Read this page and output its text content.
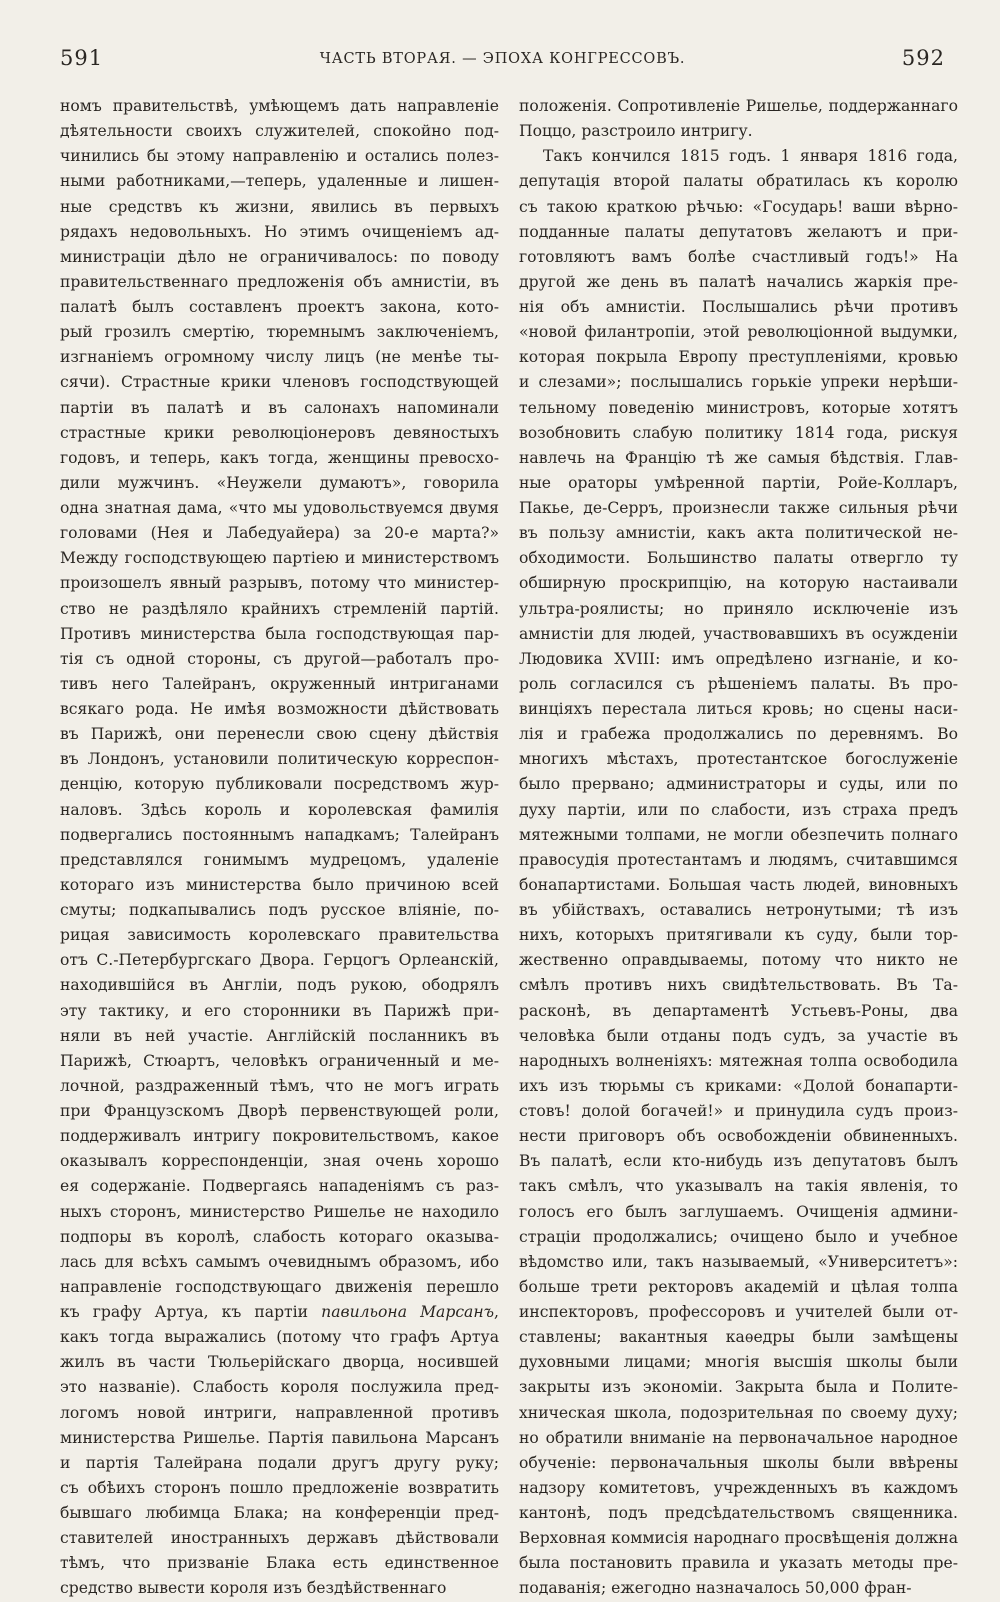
591	ЧАСТЬ ВТОРАЯ. — ЭПОХА КОНГРЕССОВЪ.	592
номъ правительствѣ, умѣющемъ дать направленіе
дѣятельности своихъ служителей, спокойно под-
чинились бы этому направленію и остались полез-
ными работниками,—теперь, удаленные и лишен-
ные средствъ къ жизни, явились въ первыхъ
рядахъ недовольныхъ. Но этимъ очищеніемъ ад-
министраціи дѣло не ограничивалось: по поводу
правительственнаго предложенія объ амнистіи, въ
палатѣ былъ составленъ проектъ закона, кото-
рый грозилъ смертію, тюремнымъ заключеніемъ,
изгнаніемъ огромному числу лицъ (не менѣе ты-
сячи). Страстные крики членовъ господствующей
партіи въ палатѣ и въ салонахъ напоминали
страстные крики революціонеровъ девяностыхъ
годовъ, и теперь, какъ тогда, женщины превосхо-
дили мужчинъ. «Неужели думаютъ», говорила
одна знатная дама, «что мы удовольствуемся двумя
головами (Нея и Лабедуайера) за 20-е марта?»
Между господствующею партіею и министерствомъ
произошелъ явный разрывъ, потому что министер-
ство не раздѣляло крайнихъ стремленій партій.
Противъ министерства была господствующая пар-
тія съ одной стороны, съ другой—работалъ про-
тивъ него Талейранъ, окруженный интриганами
всякаго рода. Не имѣя возможности дѣйствовать
въ Парижѣ, они перенесли свою сцену дѣйствія
въ Лондонъ, установили политическую корреспон-
денцію, которую публиковали посредствомъ жур-
наловъ. Здѣсь король и королевская фамилія
подвергались постояннымъ нападкамъ; Талейранъ
представлялся гонимымъ мудрецомъ, удаленіе
котораго изъ министерства было причиною всей
смуты; подкапывались подъ русское вліяніе, по-
рицая зависимость королевскаго правительства
отъ С.-Петербургскаго Двора. Герцогъ Орлеанскій,
находившійся въ Англіи, подъ рукою, ободрялъ
эту тактику, и его сторонники въ Парижѣ при-
няли въ ней участіе. Англійскій посланникъ въ
Парижѣ, Стюартъ, человѣкъ ограниченный и ме-
лочной, раздраженный тѣмъ, что не могъ играть
при Французскомъ Дворѣ первенствующей роли,
поддерживалъ интригу покровительствомъ, какое
оказывалъ корреспонденціи, зная очень хорошо
ея содержаніе. Подвергаясь нападеніямъ съ раз-
ныхъ сторонъ, министерство Ришелье не находило
подпоры въ королѣ, слабость котораго оказыва-
лась для всѣхъ самымъ очевиднымъ образомъ, ибо
направленіе господствующаго движенія перешло
къ графу Артуа, къ партіи павильона Марсанъ,
какъ тогда выражались (потому что графъ Артуа
жилъ въ части Тюльерійскаго дворца, носившей
это названіе). Слабость короля послужила пред-
логомъ новой интриги, направленной противъ
министерства Ришелье. Партія павильона Марсанъ
и партія Талейрана подали другъ другу руку;
съ обѣихъ сторонъ пошло предложеніе возвратить
бывшаго любимца Блака; на конференціи пред-
ставителей иностранныхъ державъ дѣйствовали
тѣмъ, что призваніе Блака есть единственное
средство вывести короля изъ бездѣйственнаго
положенія. Сопротивленіе Ришелье, поддержаннаго
Поццо, разстроило интригу.
Такъ кончился 1815 годъ. 1 января 1816 года,
депутація второй палаты обратилась къ королю
съ такою краткою рѣчью: «Государь! ваши вѣрно-
подданные палаты депутатовъ желаютъ и при-
готовляютъ вамъ болѣе счастливый годъ!» На
другой же день въ палатѣ начались жаркія пре-
нія объ амнистіи. Послышались рѣчи противъ
«новой филантропіи, этой революціонной выдумки,
которая покрыла Европу преступленіями, кровью
и слезами»; послышались горькіе упреки нерѣши-
тельному поведенію министровъ, которые хотятъ
возобновить слабую политику 1814 года, рискуя
навлечь на Францію тѣ же самыя бѣдствія. Глав-
ные ораторы умѣренной партіи, Ройе-Колларъ,
Пакье, де-Серръ, произнесли также сильныя рѣчи
въ пользу амнистіи, какъ акта политической не-
обходимости. Большинство палаты отвергло ту
обширную проскрипцію, на которую настаивали
ультра-роялисты; но приняло исключеніе изъ
амнистіи для людей, участвовавшихъ въ осужденіи
Людовика XVIII: имъ опредѣлено изгнаніе, и ко-
роль согласился съ рѣшеніемъ палаты. Въ про-
винціяхъ перестала литься кровь; но сцены наси-
лія и грабежа продолжались по деревнямъ. Во
многихъ мѣстахъ, протестантское богослуженіе
было прервано; администраторы и суды, или по
духу партіи, или по слабости, изъ страха предъ
мятежными толпами, не могли обезпечить полнаго
правосудія протестантамъ и людямъ, считавшимся
бонапартистами. Большая часть людей, виновныхъ
въ убійствахъ, оставались нетронутыми; тѣ изъ
нихъ, которыхъ притягивали къ суду, были тор-
жественно оправдываемы, потому что никто не
смѣлъ противъ нихъ свидѣтельствовать. Въ Та-
расконѣ, въ департаментѣ Устьевъ-Роны, два
человѣка были отданы подъ судъ, за участіе въ
народныхъ волненіяхъ: мятежная толпа освободила
ихъ изъ тюрьмы съ криками: «Долой бонапарти-
стовъ! долой богачей!» и принудила судъ произ-
нести приговоръ объ освобожденіи обвиненныхъ.
Въ палатѣ, если кто-нибудь изъ депутатовъ былъ
такъ смѣлъ, что указывалъ на такія явленія, то
голосъ его былъ заглушаемъ. Очищенія админи-
страціи продолжались; очищено было и учебное
вѣдомство или, такъ называемый, «Университетъ»:
больше трети ректоровъ академій и цѣлая толпа
инспекторовъ, профессоровъ и учителей были от-
ставлены; вакантныя каѳедры были замѣщены
духовными лицами; многія высшія школы были
закрыты изъ экономіи. Закрыта была и Полите-
хническая школа, подозрительная по своему духу;
но обратили вниманіе на первоначальное народное
обученіе: первоначальныя школы были ввѣрены
надзору комитетовъ, учрежденныхъ въ каждомъ
кантонѣ, подъ предсѣдательствомъ священника.
Верховная коммисія народнаго просвѣщенія должна
была постановить правила и указать методы пре-
подаванія; ежегодно назначалось 50,000 фран-
